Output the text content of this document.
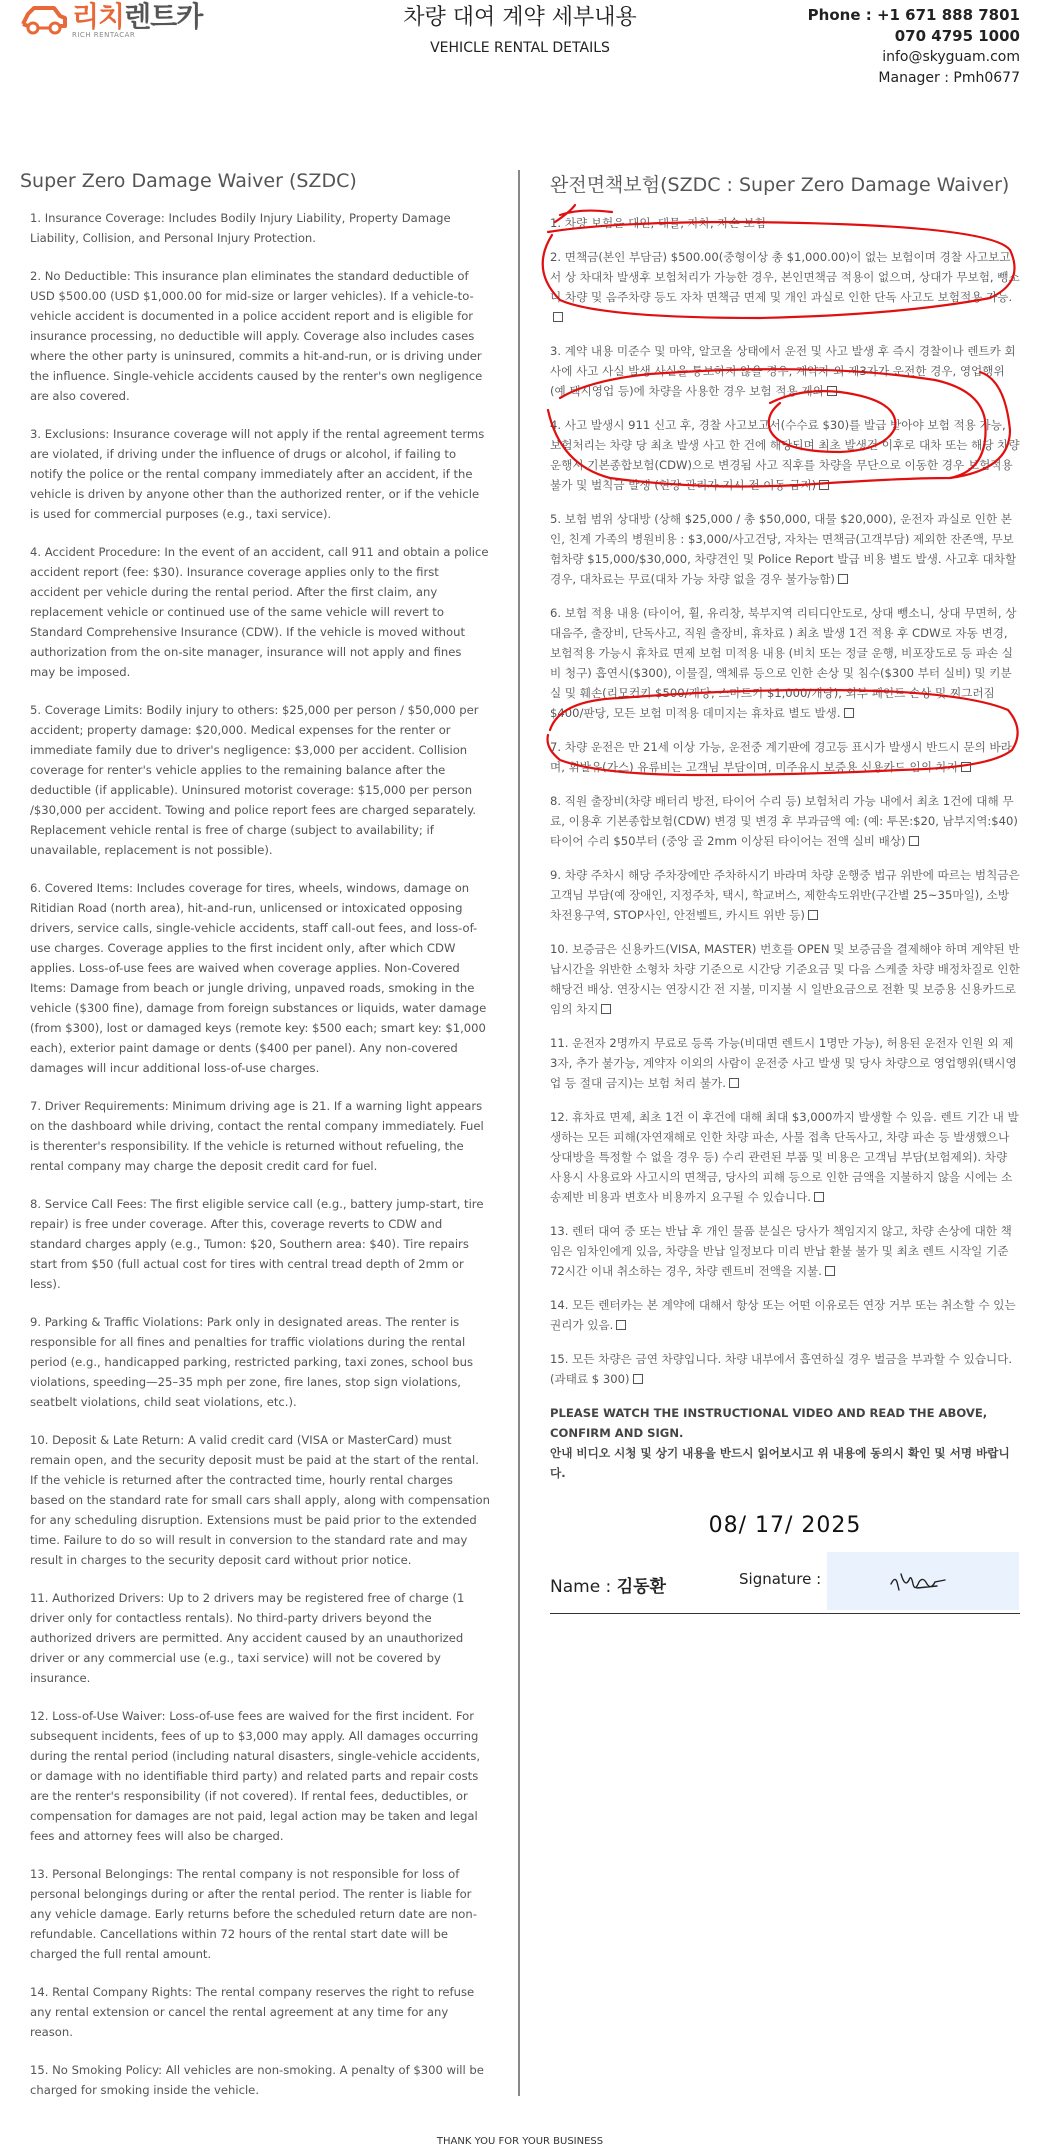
리치렌트카
RICH RENTACAR
차량 대여 계약 세부내용
VEHICLE RENTAL DETAILS
Phone : +1 671 888 7801
070 4795 1000
info@skyguam.com
Manager : Pmh0677
Super Zero Damage Waiver (SZDC)
1. Insurance Coverage: Includes Bodily Injury Liability, Property Damage Liability, Collision, and Personal Injury Protection.
2. No Deductible: This insurance plan eliminates the standard deductible of USD $500.00 (USD $1,000.00 for mid-size or larger vehicles). If a vehicle-to-vehicle accident is documented in a police accident report and is eligible for insurance processing, no deductible will apply. Coverage also includes cases where the other party is uninsured, commits a hit-and-run, or is driving under the influence. Single-vehicle accidents caused by the renter's own negligence are also covered.
3. Exclusions: Insurance coverage will not apply if the rental agreement terms are violated, if driving under the influence of drugs or alcohol, if failing to notify the police or the rental company immediately after an accident, if the vehicle is driven by anyone other than the authorized renter, or if the vehicle is used for commercial purposes (e.g., taxi service).
4. Accident Procedure: In the event of an accident, call 911 and obtain a police accident report (fee: $30). Insurance coverage applies only to the first accident per vehicle during the rental period. After the first claim, any replacement vehicle or continued use of the same vehicle will revert to Standard Comprehensive Insurance (CDW). If the vehicle is moved without authorization from the on-site manager, insurance will not apply and fines may be imposed.
5. Coverage Limits: Bodily injury to others: $25,000 per person / $50,000 per accident; property damage: $20,000. Medical expenses for the renter or immediate family due to driver's negligence: $3,000 per accident. Collision coverage for renter's vehicle applies to the remaining balance after the deductible (if applicable). Uninsured motorist coverage: $15,000 per person /$30,000 per accident. Towing and police report fees are charged separately. Replacement vehicle rental is free of charge (subject to availability; if unavailable, replacement is not possible).
6. Covered Items: Includes coverage for tires, wheels, windows, damage on Ritidian Road (north area), hit-and-run, unlicensed or intoxicated opposing drivers, service calls, single-vehicle accidents, staff call-out fees, and loss-of-use charges. Coverage applies to the first incident only, after which CDW applies. Loss-of-use fees are waived when coverage applies. Non-Covered Items: Damage from beach or jungle driving, unpaved roads, smoking in the vehicle ($300 fine), damage from foreign substances or liquids, water damage (from $300), lost or damaged keys (remote key: $500 each; smart key: $1,000 each), exterior paint damage or dents ($400 per panel). Any non-covered damages will incur additional loss-of-use charges.
7. Driver Requirements: Minimum driving age is 21. If a warning light appears on the dashboard while driving, contact the rental company immediately. Fuel is therenter's responsibility. If the vehicle is returned without refueling, the rental company may charge the deposit credit card for fuel.
8. Service Call Fees: The first eligible service call (e.g., battery jump-start, tire repair) is free under coverage. After this, coverage reverts to CDW and standard charges apply (e.g., Tumon: $20, Southern area: $40). Tire repairs start from $50 (full actual cost for tires with central tread depth of 2mm or less).
9. Parking & Traffic Violations: Park only in designated areas. The renter is responsible for all fines and penalties for traffic violations during the rental period (e.g., handicapped parking, restricted parking, taxi zones, school bus violations, speeding—25–35 mph per zone, fire lanes, stop sign violations, seatbelt violations, child seat violations, etc.).
10. Deposit & Late Return: A valid credit card (VISA or MasterCard) must remain open, and the security deposit must be paid at the start of the rental. If the vehicle is returned after the contracted time, hourly rental charges based on the standard rate for small cars shall apply, along with compensation for any scheduling disruption. Extensions must be paid prior to the extended time. Failure to do so will result in conversion to the standard rate and may result in charges to the security deposit card without prior notice.
11. Authorized Drivers: Up to 2 drivers may be registered free of charge (1 driver only for contactless rentals). No third-party drivers beyond the authorized drivers are permitted. Any accident caused by an unauthorized driver or any commercial use (e.g., taxi service) will not be covered by insurance.
12. Loss-of-Use Waiver: Loss-of-use fees are waived for the first incident. For subsequent incidents, fees of up to $3,000 may apply. All damages occurring during the rental period (including natural disasters, single-vehicle accidents, or damage with no identifiable third party) and related parts and repair costs are the renter's responsibility (if not covered). If rental fees, deductibles, or compensation for damages are not paid, legal action may be taken and legal fees and attorney fees will also be charged.
13. Personal Belongings: The rental company is not responsible for loss of personal belongings during or after the rental period. The renter is liable for any vehicle damage. Early returns before the scheduled return date are non-refundable. Cancellations within 72 hours of the rental start date will be charged the full rental amount.
14. Rental Company Rights: The rental company reserves the right to refuse any rental extension or cancel the rental agreement at any time for any reason.
15. No Smoking Policy: All vehicles are non-smoking. A penalty of $300 will be charged for smoking inside the vehicle.
완전면책보험(SZDC : Super Zero Damage Waiver)
1. 차량 보험은 대인, 대물, 자차, 자손 보험
2. 면책금(본인 부담금) $500.00(중형이상 총 $1,000.00)이 없는 보험이며 경찰 사고보고서 상 차대차 발생후 보험처리가 가능한 경우, 본인면책금 적용이 없으며, 상대가 무보험, 뺑소니 차량 및 음주차량 등도 자차 면책금 면제 및 개인 과실로 인한 단독 사고도 보험적용 가능.
3. 계약 내용 미준수 및 마약, 알코올 상태에서 운전 및 사고 발생 후 즉시 경찰이나 렌트카 회사에 사고 사실 발생 사실을 통보하지 않을 경우, 계약자 외 제3자가 운전한 경우, 영업행위(예 택시영업 등)에 차량을 사용한 경우 보험 적용 제외
4. 사고 발생시 911 신고 후, 경찰 사고보고서(수수료 $30)를 발급 받아야 보험 적용 가능, 보험처리는 차량 당 최초 발생 사고 한 건에 해당되며 최초 발생건 이후로 대차 또는 해당 차량 운행시 기본종합보험(CDW)으로 변경됨 사고 직후를 차량을 무단으로 이동한 경우 보험적용 불가 및 벌칙금 발생 (현장 관리자 지시 전 이동 금지)
5. 보험 범위 상대방 (상해 $25,000 / 총 $50,000, 대물 $20,000), 운전자 과실로 인한 본인, 친계 가족의 병원비용 : $3,000/사고건당, 자차는 면책금(고객부담) 제외한 잔존액, 무보험차량 $15,000/$30,000, 차량견인 및 Police Report 발급 비용 별도 발생. 사고후 대차할 경우, 대차료는 무료(대차 가능 차량 없을 경우 불가능함)
6. 보험 적용 내용 (타이어, 휠, 유리창, 북부지역 리티디안도로, 상대 뺑소니, 상대 무면허, 상대음주, 출장비, 단독사고, 직원 출장비, 휴차료 ) 최초 발생 1건 적용 후 CDW로 자동 변경, 보험적용 가능시 휴차료 면제 보험 미적용 내용 (비치 또는 정글 운행, 비포장도로 등 파손 실비 청구) 흡연시($300), 이물질, 액체류 등으로 인한 손상 및 침수($300 부터 실비) 및 키분실 및 훼손(리모컨키 $500/개당, 스마트키 $1,000/개당), 외부 페인트 손상 및 찌그러짐 $400/판당, 모든 보험 미적용 데미지는 휴차료 별도 발생.
7. 차량 운전은 만 21세 이상 가능, 운전중 계기판에 경고등 표시가 발생시 반드시 문의 바라며, 휘발유(가스) 유류비는 고객님 부담이며, 미주유시 보증용 신용카드 임의 차지
8. 직원 출장비(차량 배터리 방전, 타이어 수리 등) 보험처리 가능 내에서 최초 1건에 대해 무료, 이용후 기본종합보험(CDW) 변경 및 변경 후 부과금액 예: (예: 투몬:$20, 남부지역:$40) 타이어 수리 $50부터 (중앙 골 2mm 이상된 타이어는 전액 실비 배상)
9. 차량 주차시 해당 주차장에만 주차하시기 바라며 차량 운행중 법규 위반에 따르는 범칙금은 고객님 부담(예 장애인, 지정주차, 택시, 학교버스, 제한속도위반(구간별 25~35마일), 소방차전용구역, STOP사인, 안전벨트, 카시트 위반 등)
10. 보증금은 신용카드(VISA, MASTER) 번호를 OPEN 및 보증금을 결제해야 하며 계약된 반납시간을 위반한 소형차 차량 기준으로 시간당 기준요금 및 다음 스케줄 차량 배정차질로 인한 해당건 배상. 연장시는 연장시간 전 지불, 미지불 시 일반요금으로 전환 및 보증용 신용카드로 임의 차지
11. 운전자 2명까지 무료로 등록 가능(비대면 렌트시 1명만 가능), 허용된 운전자 인원 외 제3자, 추가 불가능, 계약자 이외의 사람이 운전중 사고 발생 및 당사 차량으로 영업행위(택시영업 등 절대 금지)는 보험 처리 불가.
12. 휴차료 면제, 최초 1건 이 후건에 대해 최대 $3,000까지 발생할 수 있음. 렌트 기간 내 발생하는 모든 피해(자연재해로 인한 차량 파손, 사물 접촉 단독사고, 차량 파손 등 발생했으나 상대방을 특정할 수 없을 경우 등) 수리 관련된 부품 및 비용은 고객님 부담(보험제외). 차량 사용시 사용료와 사고시의 면책금, 당사의 피해 등으로 인한 금액을 지불하지 않을 시에는 소송제반 비용과 변호사 비용까지 요구될 수 있습니다.
13. 렌터 대여 중 또는 반납 후 개인 물품 분실은 당사가 책임지지 않고, 차량 손상에 대한 책임은 임차인에게 있음, 차량을 반납 일정보다 미리 반납 환불 불가 및 최초 렌트 시작일 기준 72시간 이내 취소하는 경우, 차량 렌트비 전액을 지불.
14. 모든 렌터카는 본 계약에 대해서 항상 또는 어떤 이유로든 연장 거부 또는 취소할 수 있는권리가 있음.
15. 모든 차량은 금연 차량입니다. 차량 내부에서 흡연하실 경우 벌금을 부과할 수 있습니다. (과태료 $ 300)
PLEASE WATCH THE INSTRUCTIONAL VIDEO AND READ THE ABOVE, CONFIRM AND SIGN.
안내 비디오 시청 및 상기 내용을 반드시 읽어보시고 위 내용에 동의시 확인 및 서명 바랍니다.
08/ 17/ 2025
Name : 김동환	Signature :
THANK YOU FOR YOUR BUSINESS
